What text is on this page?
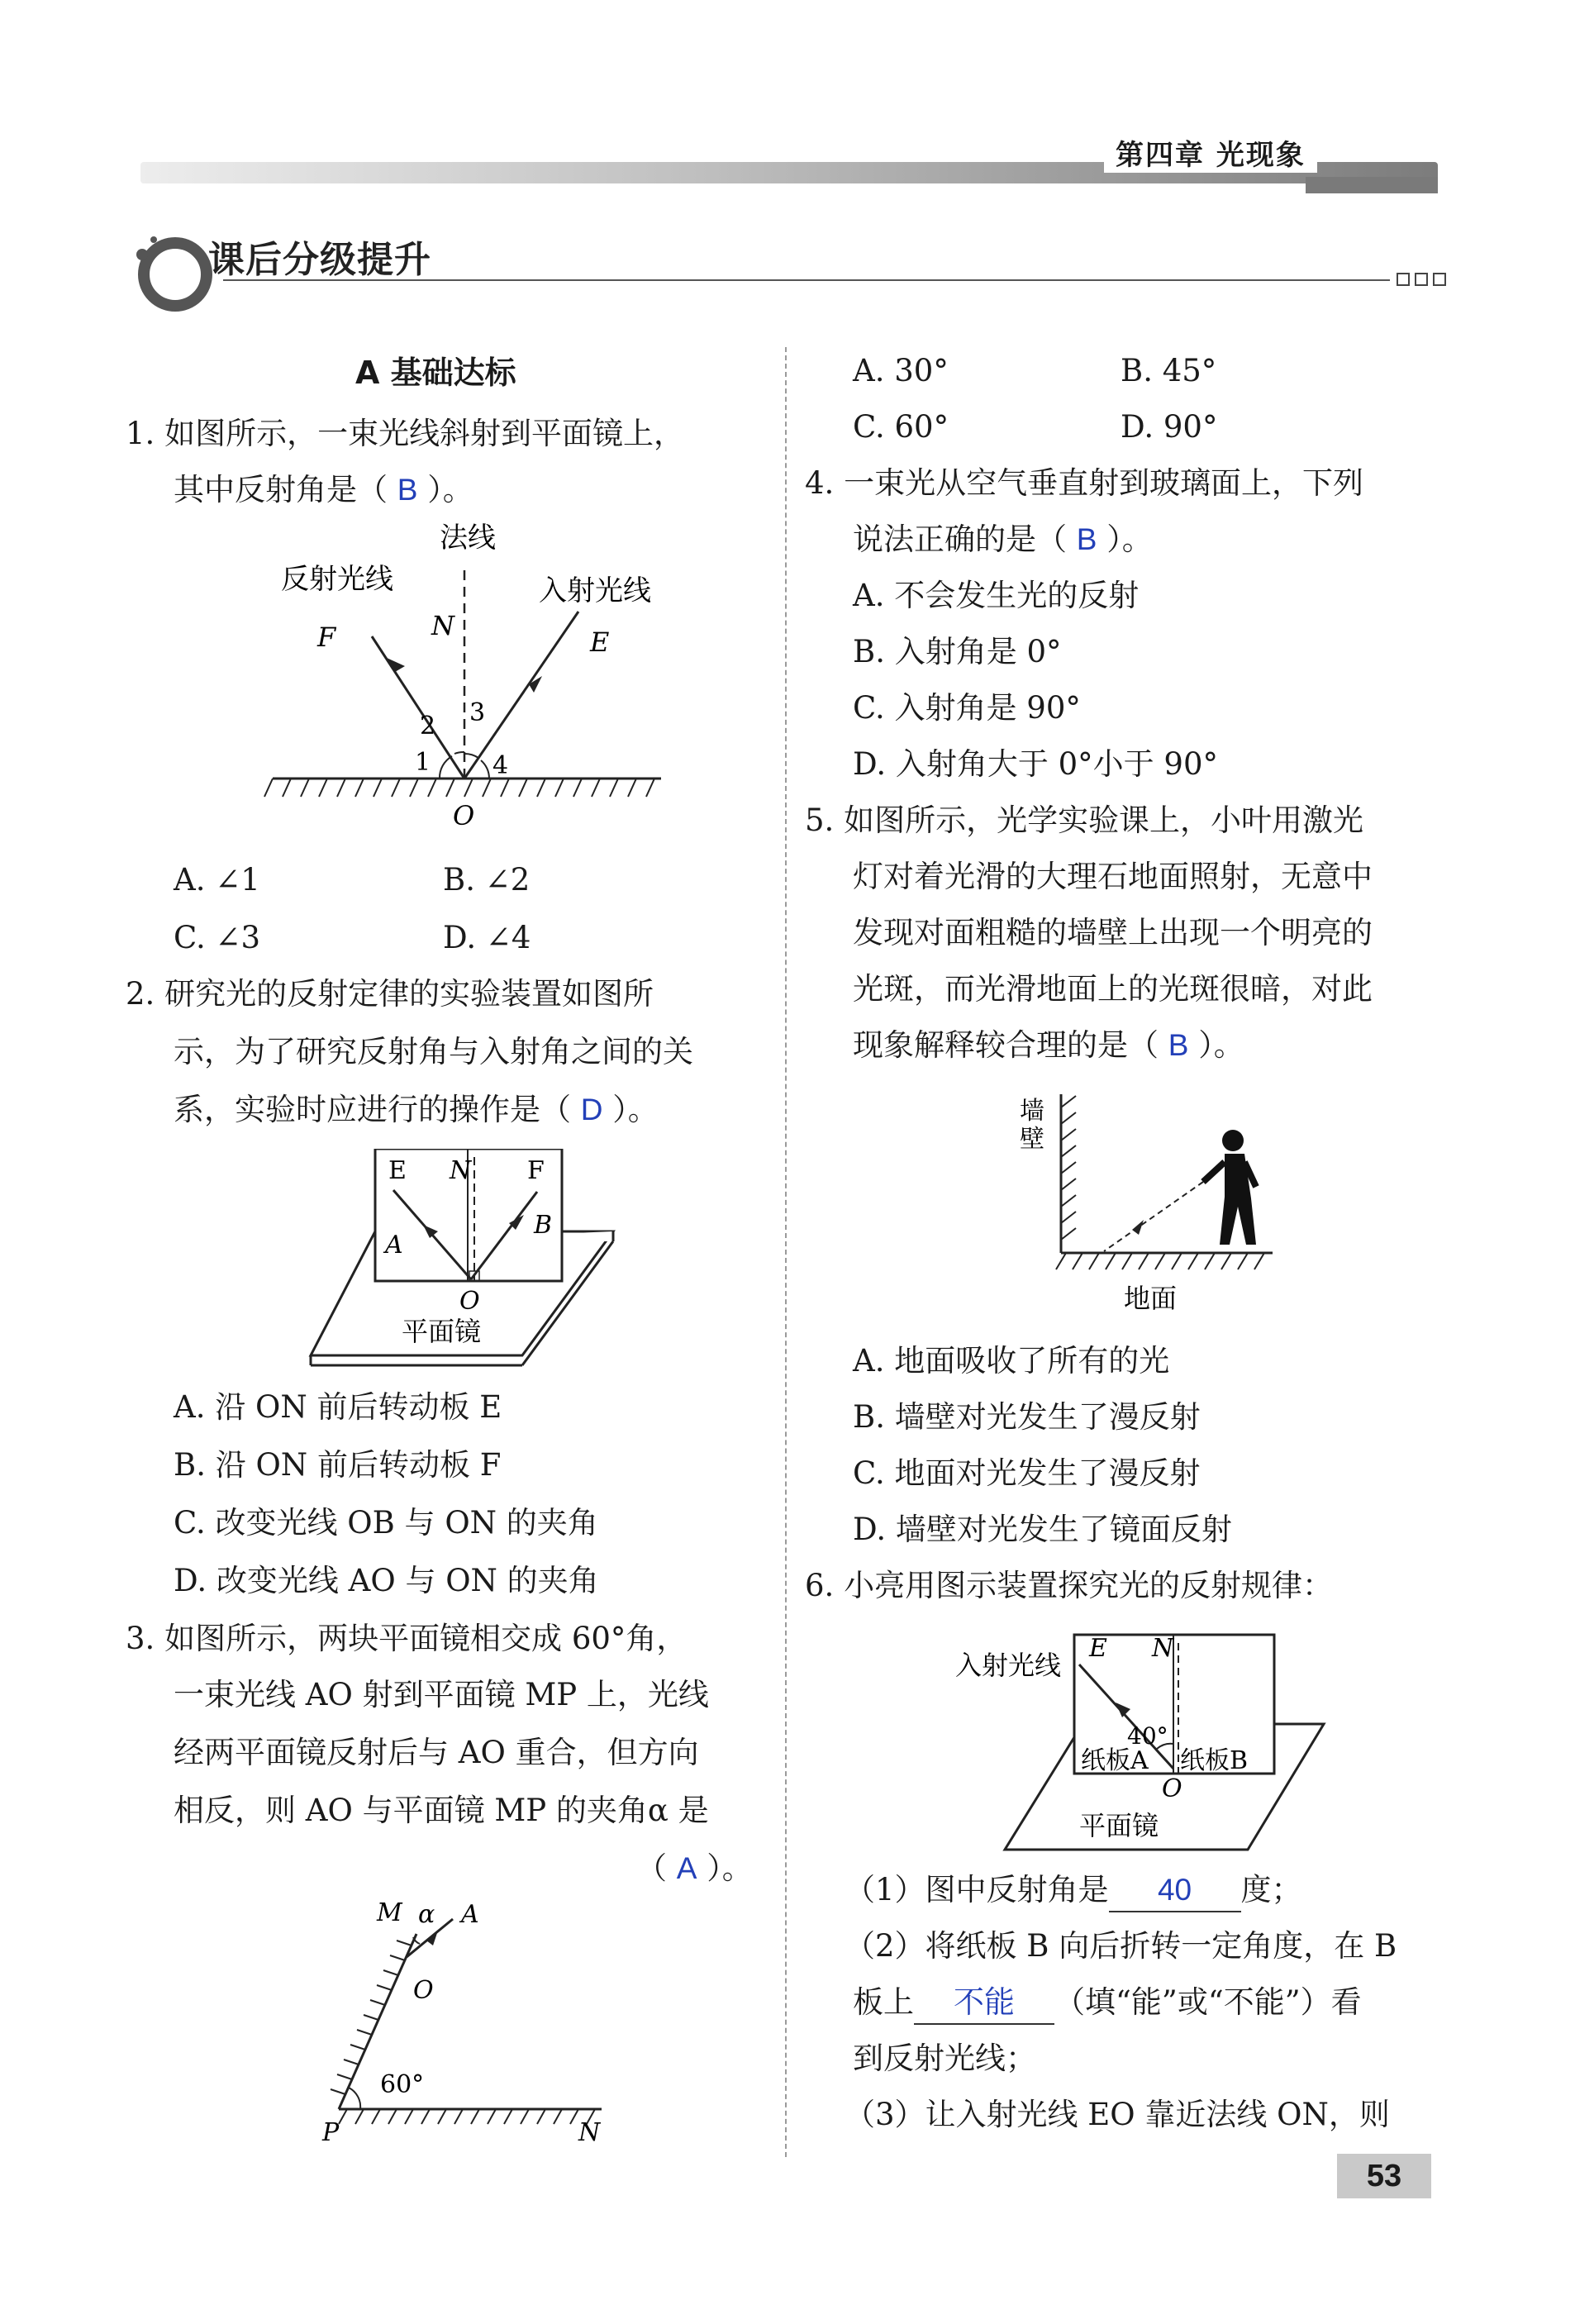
第四章 光现象
课后分级提升
A 基础达标
1. 如图所示，一束光线斜射到平面镜上，
其中反射角是（ B ）。
法线
反射光线	入射光线
F	N
E
2 3
1 4
O
A. ∠1	B. ∠2
C. ∠3	D. ∠4
2. 研究光的反射定律的实验装置如图所
示，为了研究反射角与入射角之间的关
系，实验时应进行的操作是（ D ）。
E N F
A
B
O
平面镜
A. 沿 ON 前后转动板 E
B. 沿 ON 前后转动板 F
C. 改变光线 OB 与 ON 的夹角
D. 改变光线 AO 与 ON 的夹角
3. 如图所示，两块平面镜相交成 60°角，
一束光线 AO 射到平面镜 MP 上，光线
经两平面镜反射后与 AO 重合，但方向
相反，则 AO 与平面镜 MP 的夹角α 是
（ A ）。
M α A
O
60°
P	N
A. 30°	B. 45°
C. 60°	D. 90°
4. 一束光从空气垂直射到玻璃面上，下列
说法正确的是（ B ）。
A. 不会发生光的反射
B. 入射角是 0°
C. 入射角是 90°
D. 入射角大于 0°小于 90°
5. 如图所示，光学实验课上，小叶用激光
灯对着光滑的大理石地面照射，无意中
发现对面粗糙的墙壁上出现一个明亮的
光斑，而光滑地面上的光斑很暗，对此
现象解释较合理的是（ B ）。
墙
壁
地面
A. 地面吸收了所有的光
B. 墙壁对光发生了漫反射
C. 地面对光发生了漫反射
D. 墙壁对光发生了镜面反射
6. 小亮用图示装置探究光的反射规律：
入射光线
E N
40°
纸板A 纸板B
O
平面镜
（1）图中反射角是 40 度；
（2）将纸板 B 向后折转一定角度，在 B
板上 不能 （填“能”或“不能”）看
到反射光线；
（3）让入射光线 EO 靠近法线 ON，则
53
